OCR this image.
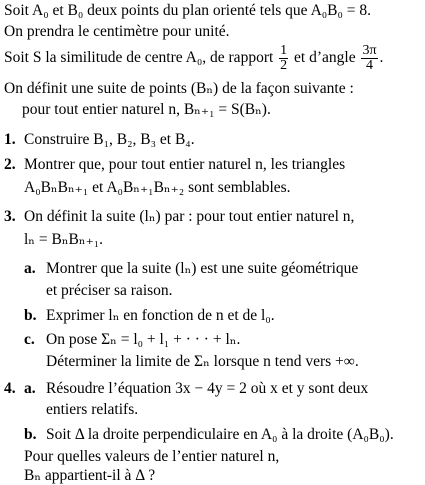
Soit A₀ et B₀ deux points du plan orienté tels que A₀B₀ = 8.
On prendra le centimètre pour unité.
Soit S la similitude de centre A₀, de rapport $\frac{1}{2}$ et d’angle $\frac{3\pi}{4}$ .
On définit une suite de points (Bₙ) de la façon suivante :
pour tout entier naturel n, Bₙ₊₁ = S(Bₙ).
1. Construire B₁, B₂, B₃ et B₄.
2. Montrer que, pour tout entier naturel n, les triangles
A₀BₙBₙ₊₁ et A₀Bₙ₊₁Bₙ₊₂ sont semblables.
3. On définit la suite (lₙ) par : pour tout entier naturel n,
lₙ = BₙBₙ₊₁.
a. Montrer que la suite (lₙ) est une suite géométrique
et préciser sa raison.
b. Exprimer lₙ en fonction de n et de l₀.
c. On pose Σₙ = l₀ + l₁ + · · · + lₙ.
Déterminer la limite de Σₙ lorsque n tend vers +∞.
4. a. Résoudre l’équation 3x − 4y = 2 où x et y sont deux
entiers relatifs.
b. Soit Δ la droite perpendiculaire en A₀ à la droite (A₀B₀).
Pour quelles valeurs de l’entier naturel n,
Bₙ appartient-il à Δ ?
